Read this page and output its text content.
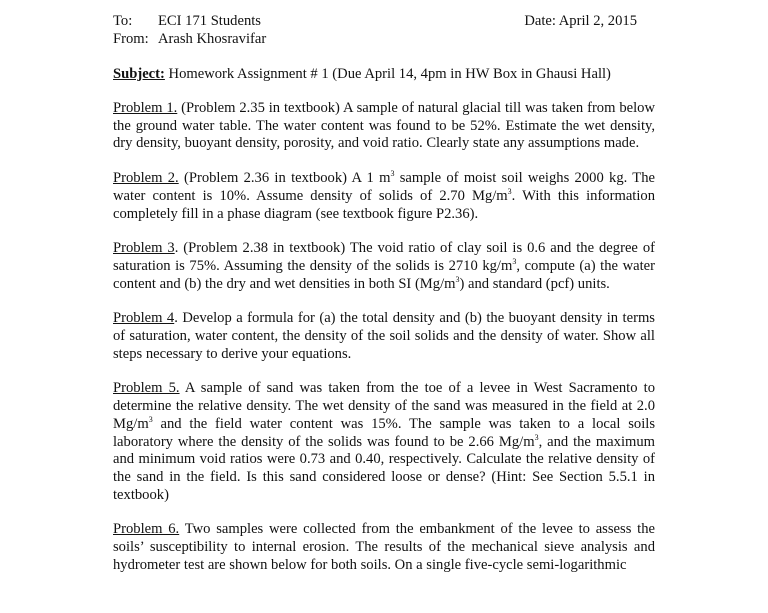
To: ECI 171 Students	Date: April 2, 2015
From: Arash Khosravifar
Subject: Homework Assignment # 1 (Due April 14, 4pm in HW Box in Ghausi Hall)
Problem 1. (Problem 2.35 in textbook) A sample of natural glacial till was taken from below the ground water table. The water content was found to be 52%. Estimate the wet density, dry density, buoyant density, porosity, and void ratio. Clearly state any assumptions made.
Problem 2. (Problem 2.36 in textbook) A 1 $m^3$ sample of moist soil weighs 2000 kg. The water content is 10%. Assume density of solids of 2.70 $Mg/m^3$. With this information completely fill in a phase diagram (see textbook figure P2.36).
Problem 3. (Problem 2.38 in textbook) The void ratio of clay soil is 0.6 and the degree of saturation is 75%. Assuming the density of the solids is 2710 $kg/m^3$, compute (a) the water content and (b) the dry and wet densities in both SI $(Mg/m^3)$ and standard (pcf) units.
Problem 4. Develop a formula for (a) the total density and (b) the buoyant density in terms of saturation, water content, the density of the soil solids and the density of water. Show all steps necessary to derive your equations.
Problem 5. A sample of sand was taken from the toe of a levee in West Sacramento to determine the relative density. The wet density of the sand was measured in the field at 2.0 $Mg/m^3$ and the field water content was 15%. The sample was taken to a local soils laboratory where the density of the solids was found to be 2.66 $Mg/m^3$, and the maximum and minimum void ratios were 0.73 and 0.40, respectively. Calculate the relative density of the sand in the field. Is this sand considered loose or dense? (Hint: See Section 5.5.1 in textbook)
Problem 6. Two samples were collected from the embankment of the levee to assess the soils’ susceptibility to internal erosion. The results of the mechanical sieve analysis and hydrometer test are shown below for both soils. On a single five-cycle semi-logarithmic
